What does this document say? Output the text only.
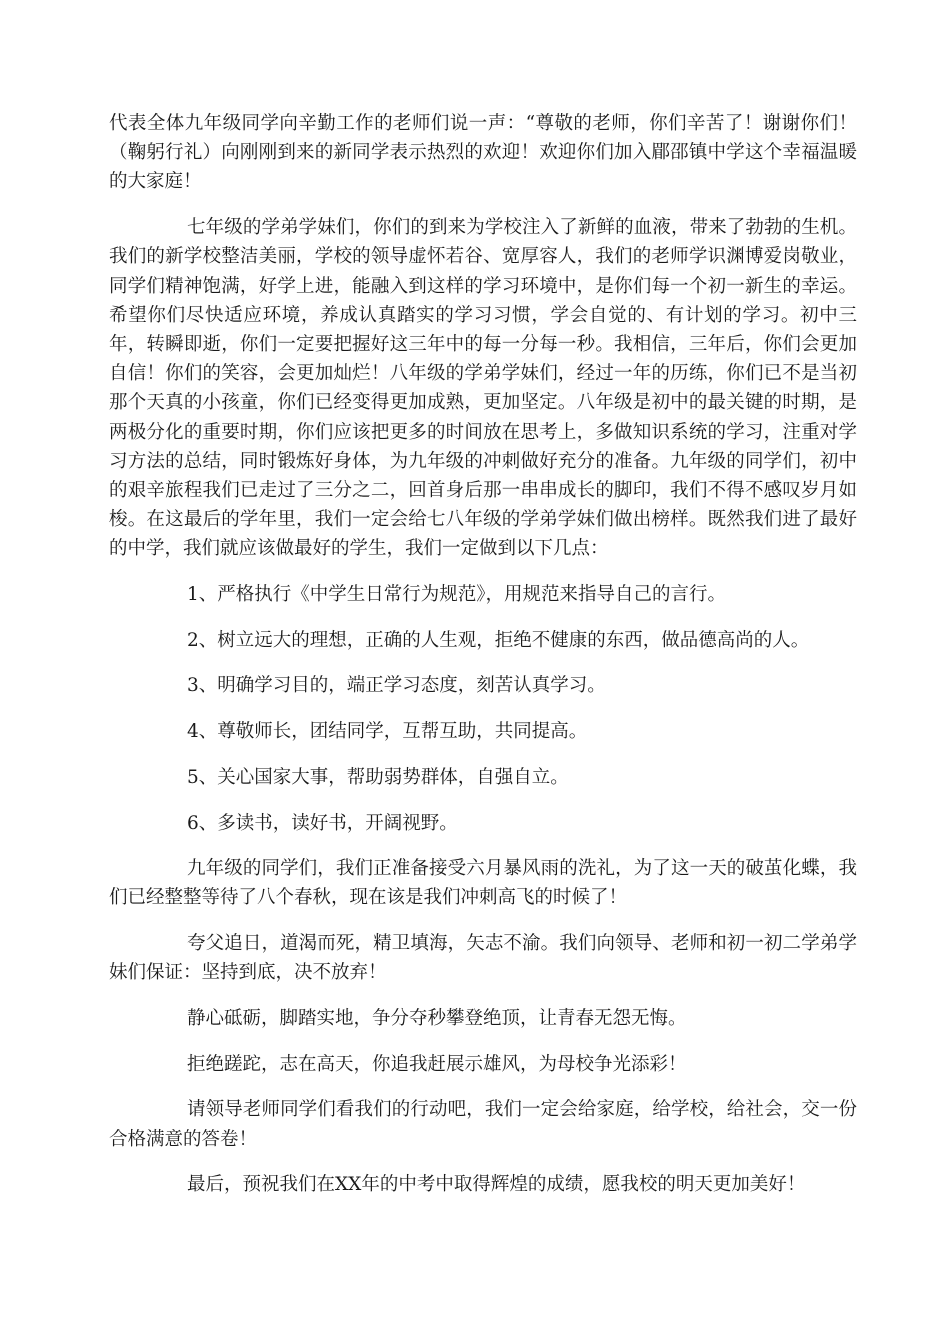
代表全体九年级同学向辛勤工作的老师们说一声：“尊敬的老师，你们辛苦了！谢谢你们！（鞠躬行礼）向刚刚到来的新同学表示热烈的欢迎！欢迎你们加入郿邵镇中学这个幸福温暖的大家庭！

七年级的学弟学妹们，你们的到来为学校注入了新鲜的血液，带来了勃勃的生机。我们的新学校整洁美丽，学校的领导虚怀若谷、宽厚容人，我们的老师学识渊博爱岗敬业，同学们精神饱满，好学上进，能融入到这样的学习环境中，是你们每一个初一新生的幸运。希望你们尽快适应环境，养成认真踏实的学习习惯，学会自觉的、有计划的学习。初中三年，转瞬即逝，你们一定要把握好这三年中的每一分每一秒。我相信，三年后，你们会更加自信！你们的笑容，会更加灿烂！八年级的学弟学妹们，经过一年的历练，你们已不是当初那个天真的小孩童，你们已经变得更加成熟，更加坚定。八年级是初中的最关键的时期，是两极分化的重要时期，你们应该把更多的时间放在思考上，多做知识系统的学习，注重对学习方法的总结，同时锻炼好身体，为九年级的冲刺做好充分的准备。九年级的同学们，初中的艰辛旅程我们已走过了三分之二，回首身后那一串串成长的脚印，我们不得不感叹岁月如梭。在这最后的学年里，我们一定会给七八年级的学弟学妹们做出榜样。既然我们进了最好的中学，我们就应该做最好的学生，我们一定做到以下几点：

1、严格执行《中学生日常行为规范》，用规范来指导自己的言行。

2、树立远大的理想，正确的人生观，拒绝不健康的东西，做品德高尚的人。

3、明确学习目的，端正学习态度，刻苦认真学习。

4、尊敬师长，团结同学，互帮互助，共同提高。

5、关心国家大事，帮助弱势群体，自强自立。

6、多读书，读好书，开阔视野。

九年级的同学们，我们正准备接受六月暴风雨的洗礼，为了这一天的破茧化蝶，我们已经整整等待了八个春秋，现在该是我们冲刺高飞的时候了！

夸父追日，道渴而死，精卫填海，矢志不渝。我们向领导、老师和初一初二学弟学妹们保证：坚持到底，决不放弃！

静心砥砺，脚踏实地，争分夺秒攀登绝顶，让青春无怨无悔。

拒绝蹉跎，志在高天，你追我赶展示雄风，为母校争光添彩！

请领导老师同学们看我们的行动吧，我们一定会给家庭，给学校，给社会，交一份合格满意的答卷！

最后，预祝我们在XX年的中考中取得辉煌的成绩，愿我校的明天更加美好！
